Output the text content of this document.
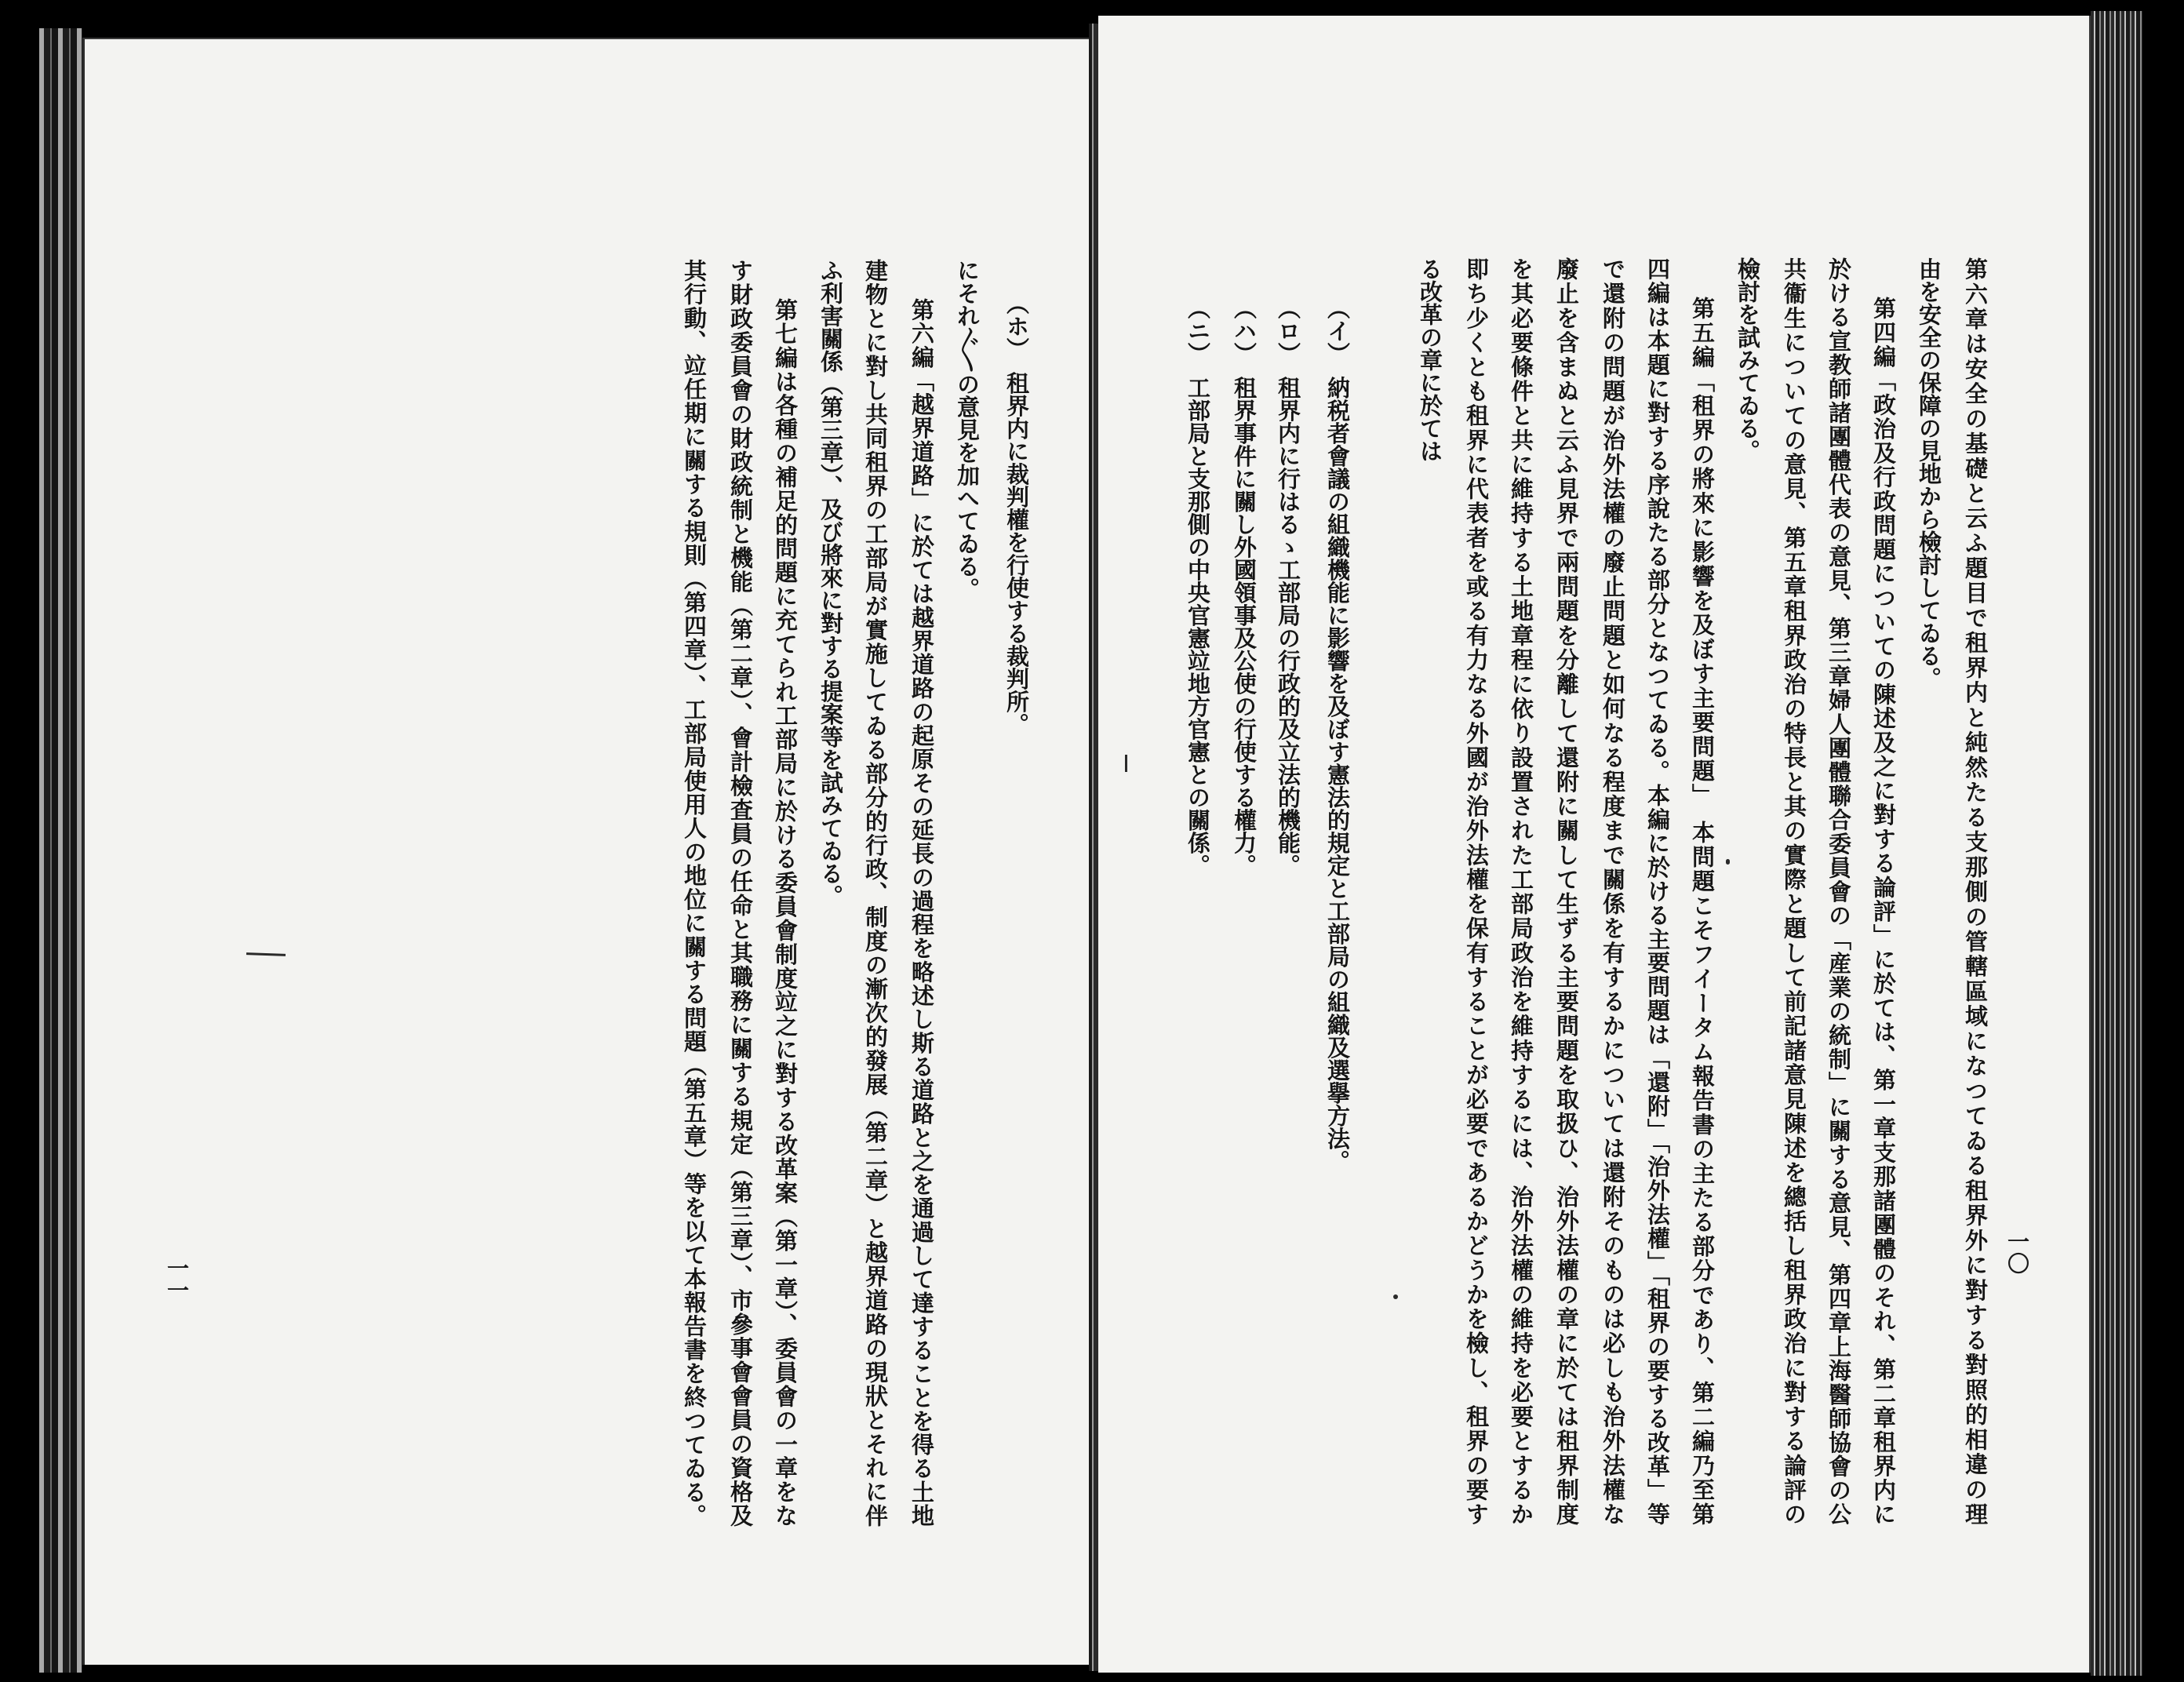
一一
（ホ）　租界内に裁判權を行使する裁判所。
にそれ〴〵の意見を加へてゐる。
第六編「越界道路」に於ては越界道路の起原その延長の過程を略述し斯る道路と之を通過して達することを得る土地
建物とに對し共同租界の工部局が實施してゐる部分的行政、制度の漸次的發展（第二章）と越界道路の現狀とそれに伴
ふ利害關係（第三章）、及び將來に對する提案等を試みてゐる。
第七編は各種の補足的問題に充てられ工部局に於ける委員會制度竝之に對する改革案（第一章）、委員會の一章をな
す財政委員會の財政統制と機能（第二章）、會計檢査員の任命と其職務に關する規定（第三章）、市參事會會員の資格及
其行動、竝任期に關する規則（第四章）、工部局使用人の地位に關する問題（第五章）等を以て本報告書を終つてゐる。	一〇
第六章は安全の基礎と云ふ題目で租界内と純然たる支那側の管轄區域になつてゐる租界外に對する對照的相違の理
由を安全の保障の見地から檢討してゐる。
第四編「政治及行政問題についての陳述及之に對する論評」に於ては、第一章支那諸團體のそれ、第二章租界内に
於ける宣教師諸團體代表の意見、第三章婦人團體聯合委員會の「産業の統制」に關する意見、第四章上海醫師協會の公
共衞生についての意見、第五章租界政治の特長と其の實際と題して前記諸意見陳述を總括し租界政治に對する論評の
檢討を試みてゐる。
第五編「租界の將來に影響を及ぼす主要問題」　本問題こそフイータム報告書の主たる部分であり、第二編乃至第
四編は本題に對する序說たる部分となつてゐる。本編に於ける主要問題は「還附」「治外法權」「租界の要する改革」等
で還附の問題が治外法權の廢止問題と如何なる程度まで關係を有するかについては還附そのものは必しも治外法權な
廢止を含まぬと云ふ見界で兩問題を分離して還附に關して生ずる主要問題を取扱ひ、治外法權の章に於ては租界制度
を其必要條件と共に維持する土地章程に依り設置された工部局政治を維持するには、治外法權の維持を必要とするか
即ち少くとも租界に代表者を或る有力なる外國が治外法權を保有することが必要であるかどうかを檢し、租界の要す
る改革の章に於ては
（イ）　納税者會議の組織機能に影響を及ぼす憲法的規定と工部局の組織及選擧方法。
（ロ）　租界内に行はるゝ工部局の行政的及立法的機能。
（ハ）　租界事件に關し外國領事及公使の行使する權力。
（ニ）　工部局と支那側の中央官憲竝地方官憲との關係。
